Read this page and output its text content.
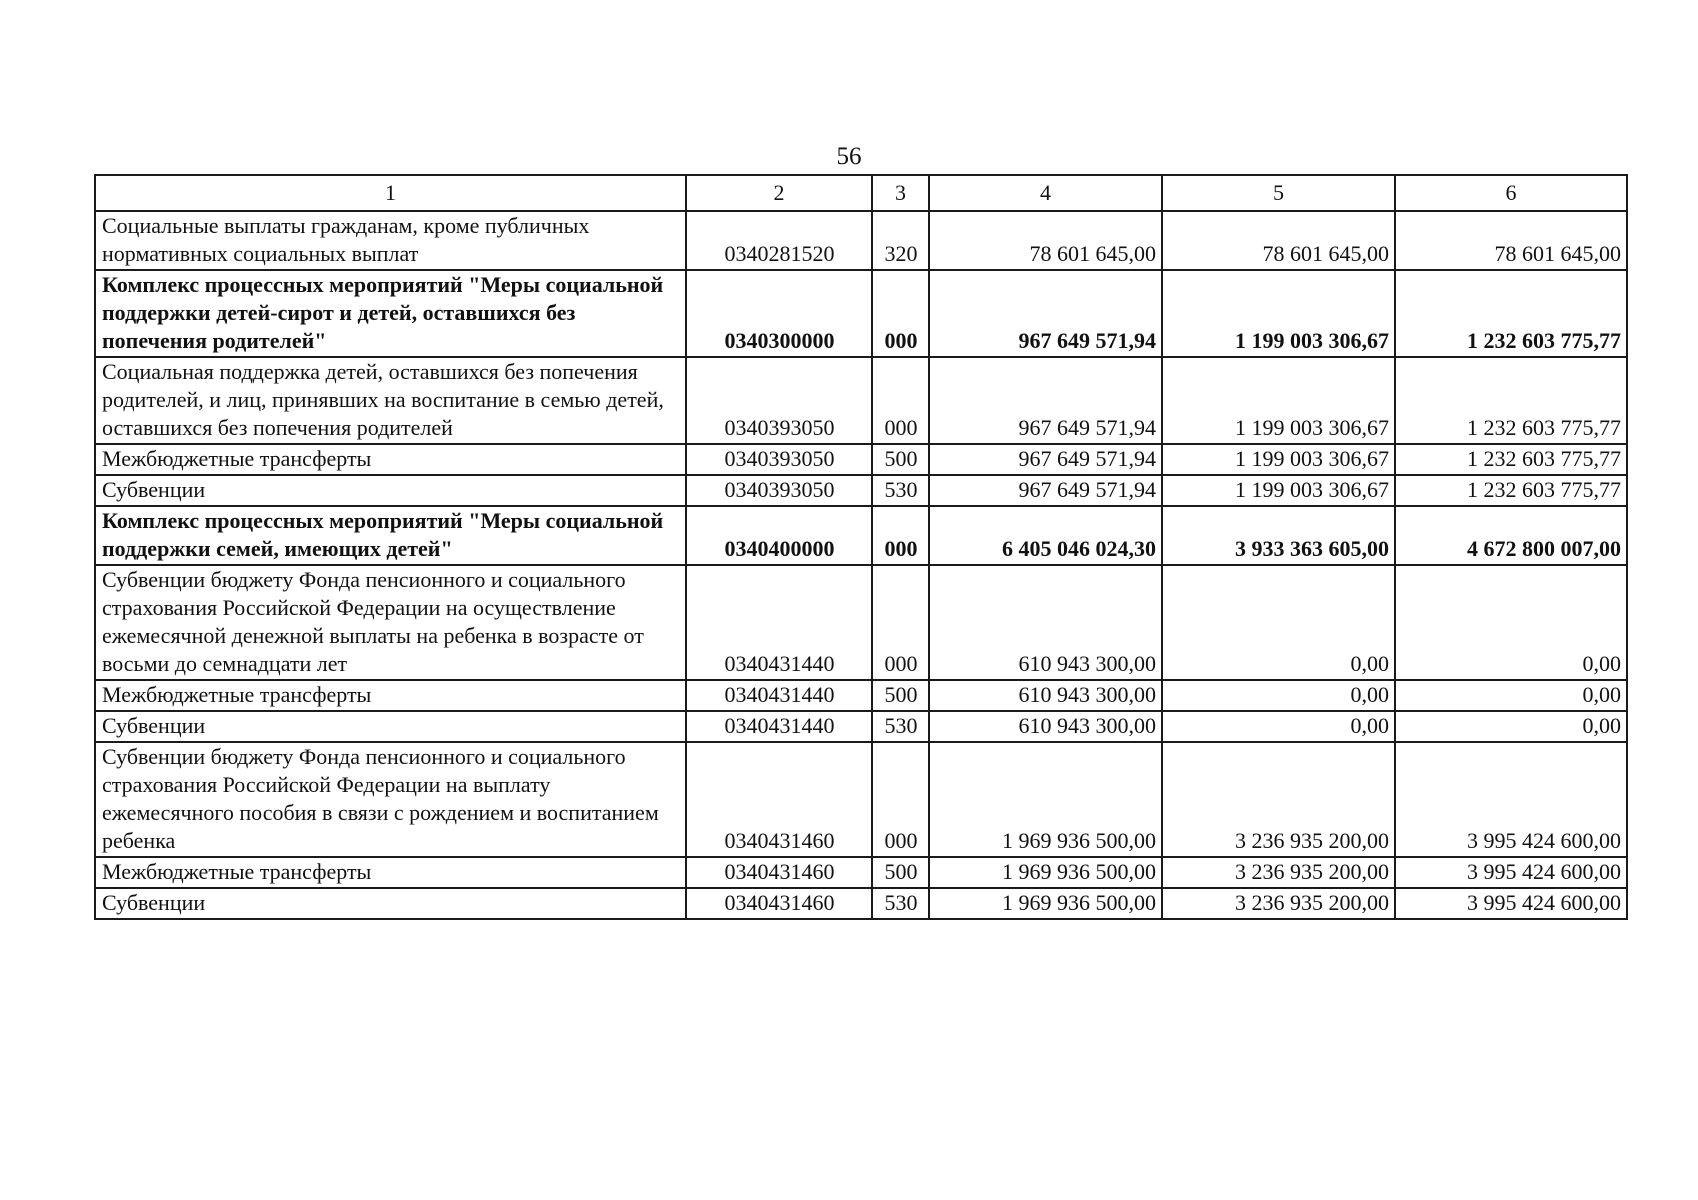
56
1	2	3	4	5	6
Социальные выплаты гражданам, кроме публичных нормативных социальных выплат	0340281520	320	78 601 645,00	78 601 645,00	78 601 645,00
Комплекс процессных мероприятий "Меры социальной поддержки детей-сирот и детей, оставшихся без попечения родителей"	0340300000	000	967 649 571,94	1 199 003 306,67	1 232 603 775,77
Социальная поддержка детей, оставшихся без попечения родителей, и лиц, принявших на воспитание в семью детей, оставшихся без попечения родителей	0340393050	000	967 649 571,94	1 199 003 306,67	1 232 603 775,77
Межбюджетные трансферты	0340393050	500	967 649 571,94	1 199 003 306,67	1 232 603 775,77
Субвенции	0340393050	530	967 649 571,94	1 199 003 306,67	1 232 603 775,77
Комплекс процессных мероприятий "Меры социальной поддержки семей, имеющих детей"	0340400000	000	6 405 046 024,30	3 933 363 605,00	4 672 800 007,00
Субвенции бюджету Фонда пенсионного и социального страхования Российской Федерации на осуществление ежемесячной денежной выплаты на ребенка в возрасте от восьми до семнадцати лет	0340431440	000	610 943 300,00	0,00	0,00
Межбюджетные трансферты	0340431440	500	610 943 300,00	0,00	0,00
Субвенции	0340431440	530	610 943 300,00	0,00	0,00
Субвенции бюджету Фонда пенсионного и социального страхования Российской Федерации на выплату ежемесячного пособия в связи с рождением и воспитанием ребенка	0340431460	000	1 969 936 500,00	3 236 935 200,00	3 995 424 600,00
Межбюджетные трансферты	0340431460	500	1 969 936 500,00	3 236 935 200,00	3 995 424 600,00
Субвенции	0340431460	530	1 969 936 500,00	3 236 935 200,00	3 995 424 600,00
